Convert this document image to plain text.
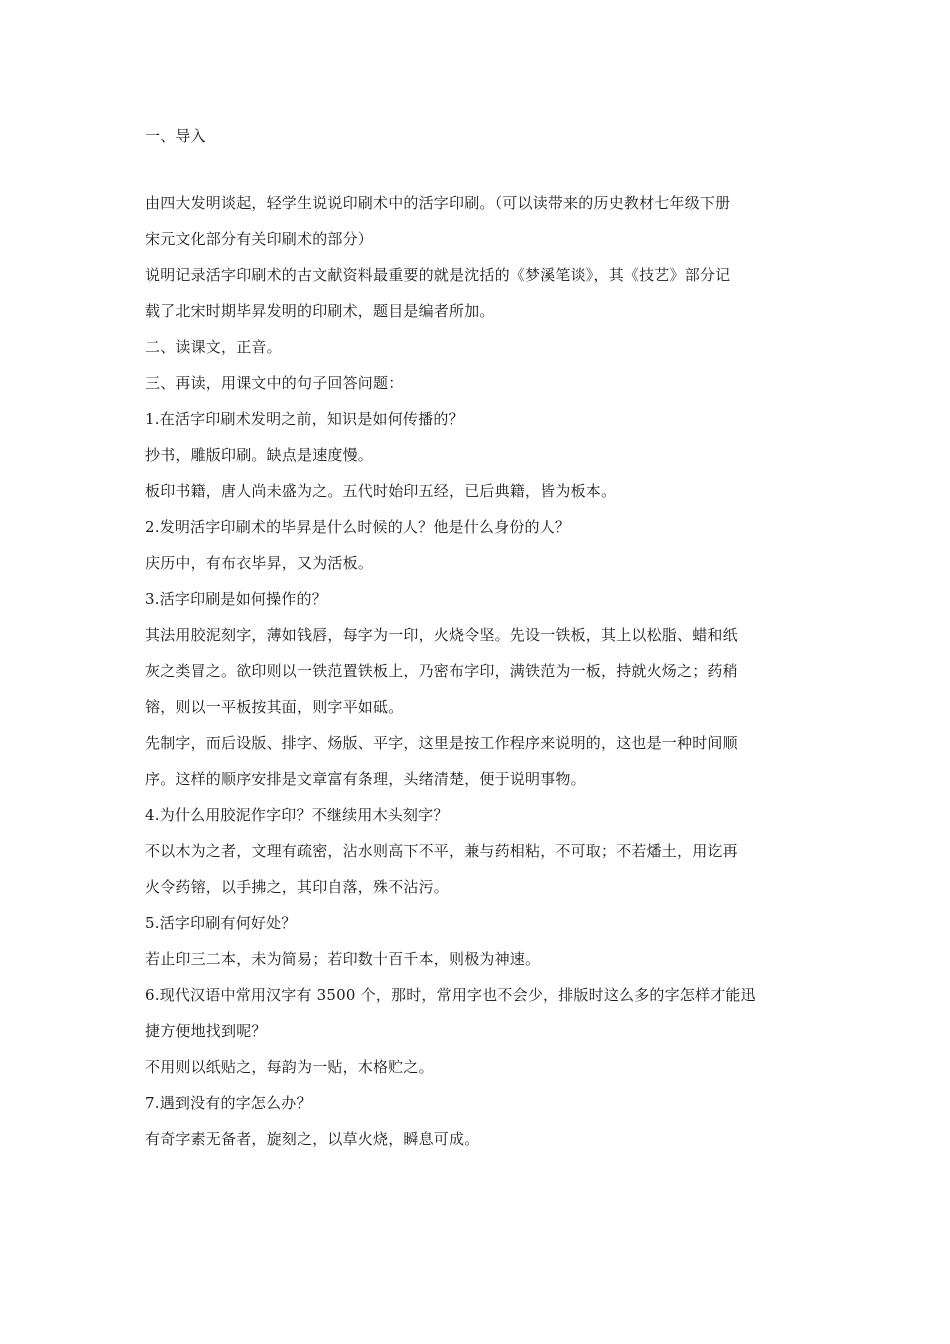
一、导入
由四大发明谈起，轻学生说说印刷术中的活字印刷。（可以读带来的历史教材七年级下册
宋元文化部分有关印刷术的部分）
说明记录活字印刷术的古文献资料最重要的就是沈括的《梦溪笔谈》，其《技艺》部分记
载了北宋时期毕昇发明的印刷术，题目是编者所加。
二、读课文，正音。
三、再读，用课文中的句子回答问题：
1.在活字印刷术发明之前，知识是如何传播的？
抄书，雕版印刷。缺点是速度慢。
板印书籍，唐人尚未盛为之。五代时始印五经，已后典籍，皆为板本。
2.发明活字印刷术的毕昇是什么时候的人？他是什么身份的人？
庆历中，有布衣毕昇，又为活板。
3.活字印刷是如何操作的？
其法用胶泥刻字，薄如钱唇，每字为一印，火烧令坚。先设一铁板，其上以松脂、蜡和纸
灰之类冒之。欲印则以一铁范置铁板上，乃密布字印，满铁范为一板，持就火炀之；药稍
镕，则以一平板按其面，则字平如砥。
先制字，而后设版、排字、炀版、平字，这里是按工作程序来说明的，这也是一种时间顺
序。这样的顺序安排是文章富有条理，头绪清楚，便于说明事物。
4.为什么用胶泥作字印？不继续用木头刻字？
不以木为之者，文理有疏密，沾水则高下不平，兼与药相粘，不可取；不若燔土，用讫再
火令药镕，以手拂之，其印自落，殊不沾污。
5.活字印刷有何好处？
若止印三二本，未为简易；若印数十百千本，则极为神速。
6.现代汉语中常用汉字有 3500 个，那时，常用字也不会少，排版时这么多的字怎样才能迅
捷方便地找到呢？
不用则以纸贴之，每韵为一贴，木格贮之。
7.遇到没有的字怎么办？
有奇字素无备者，旋刻之，以草火烧，瞬息可成。
